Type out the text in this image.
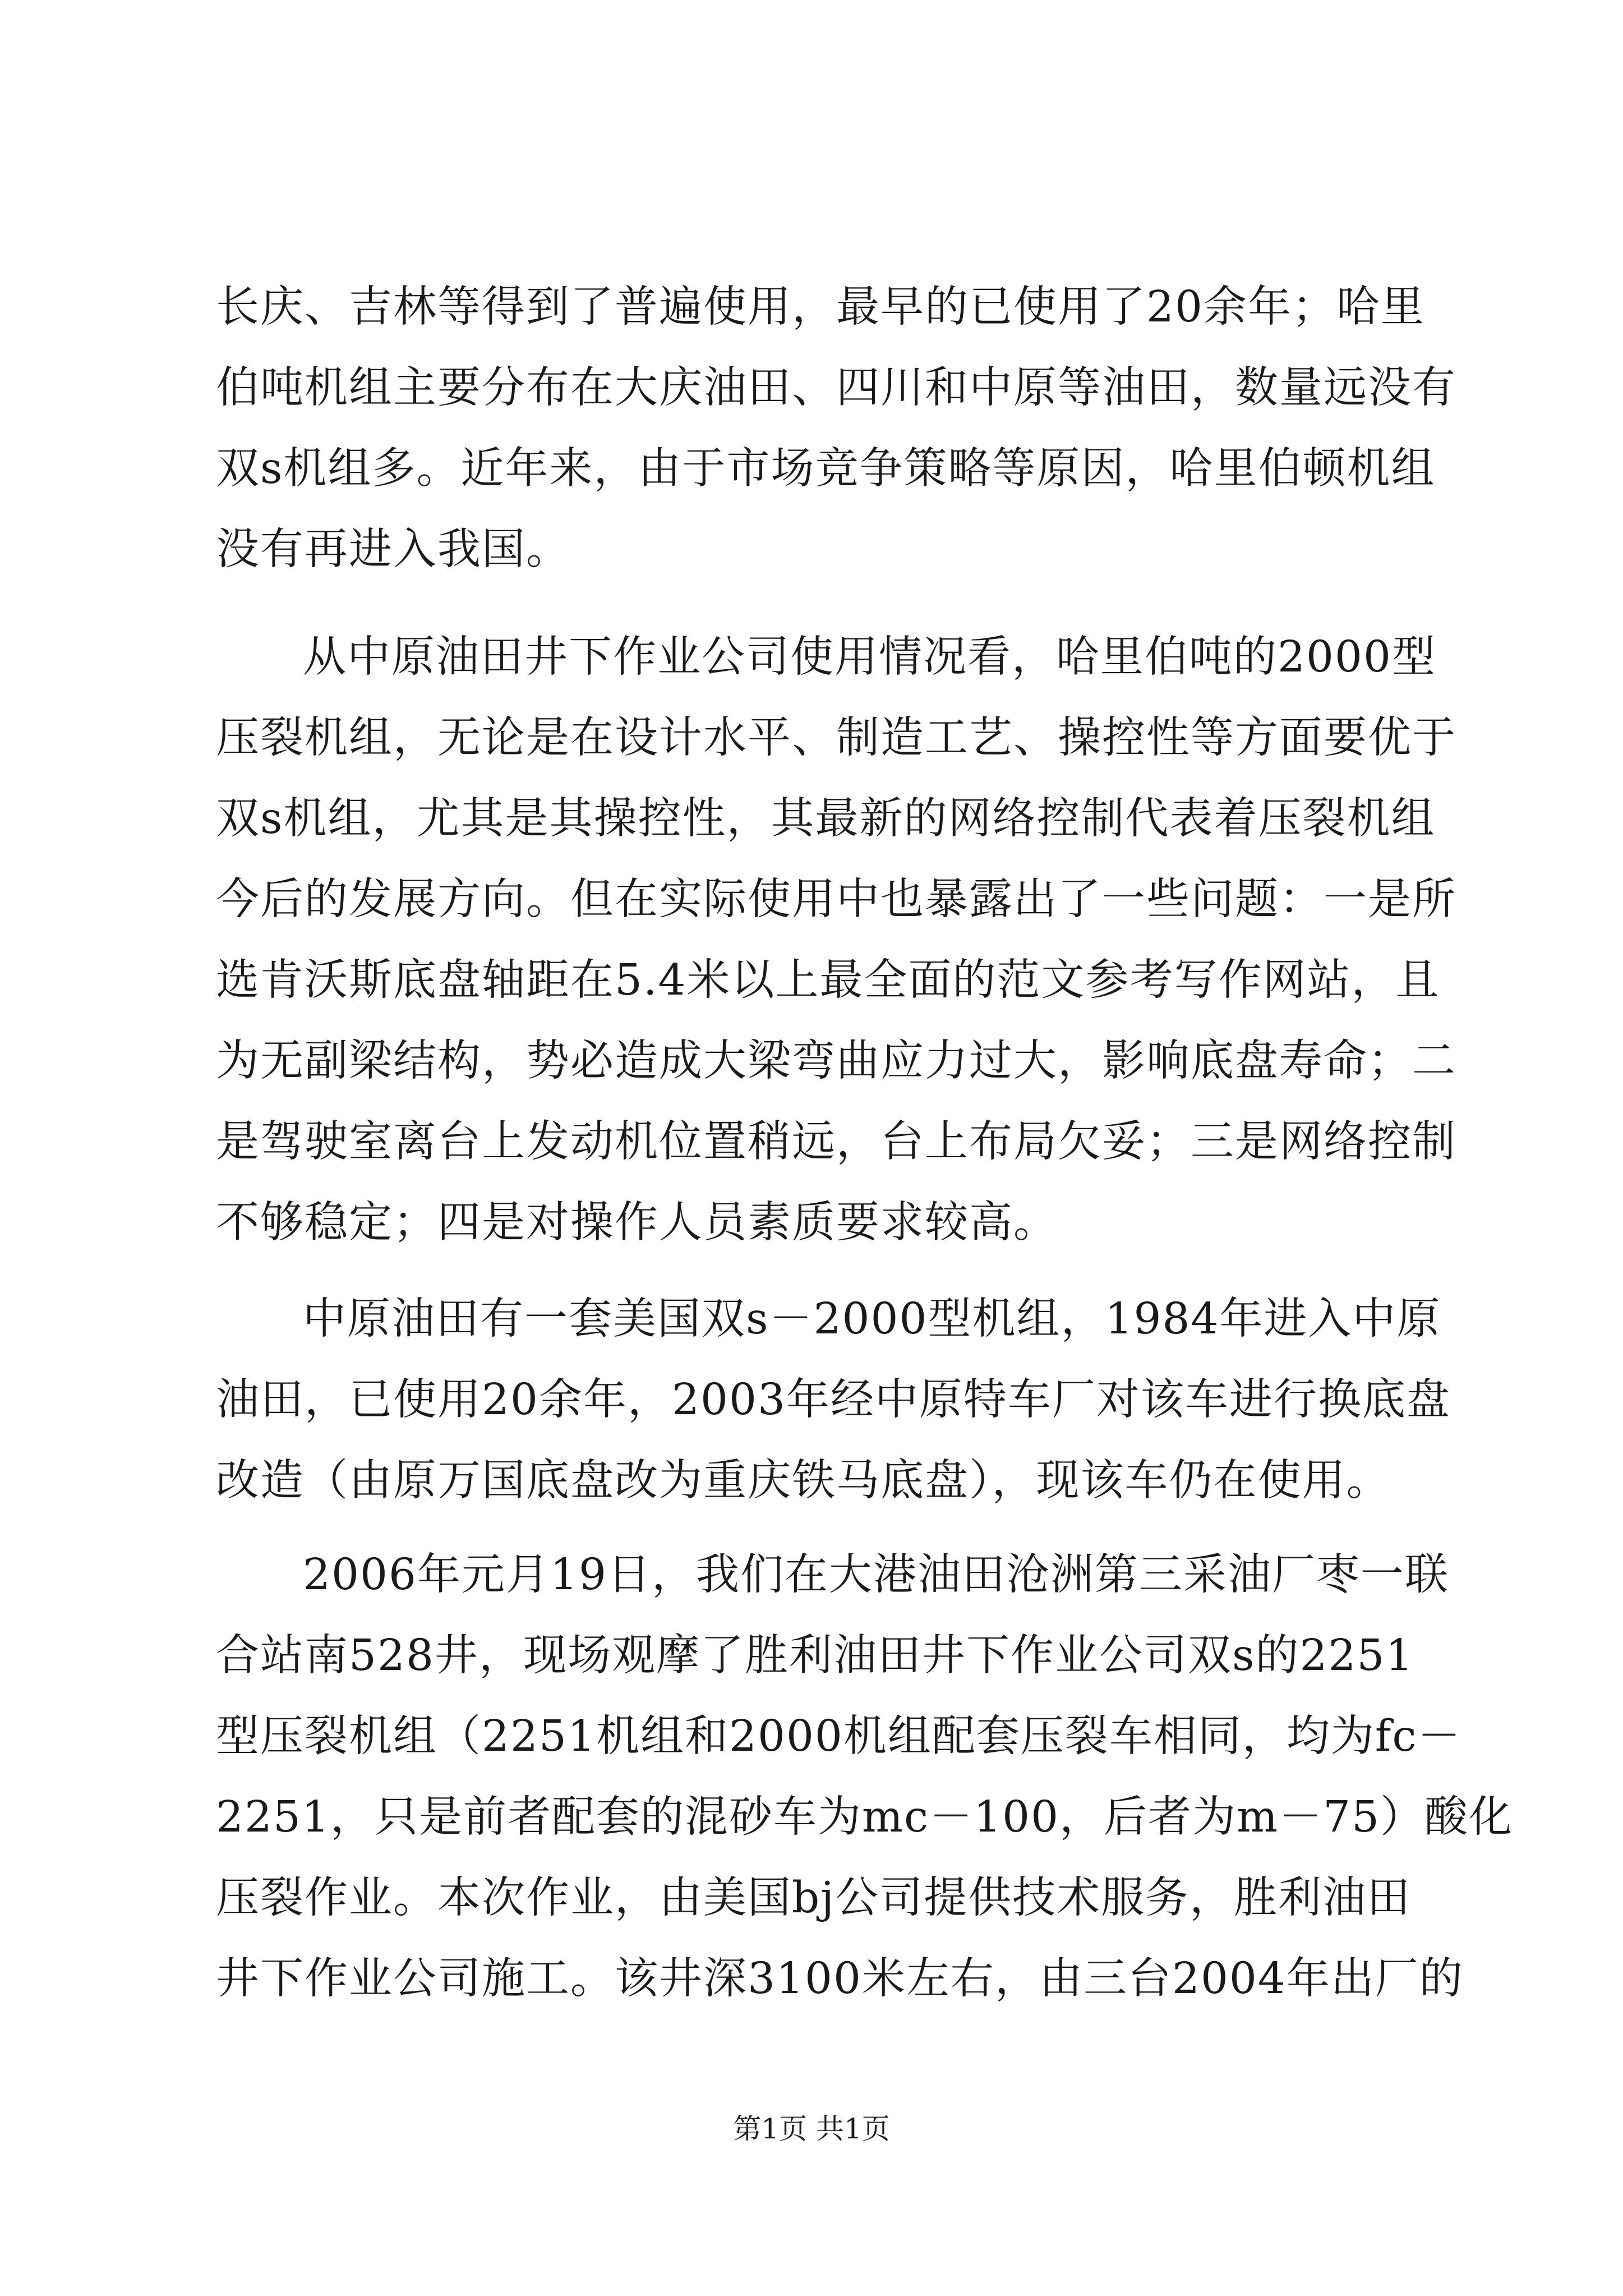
长庆、吉林等得到了普遍使用，最早的已使用了20余年；哈里
伯吨机组主要分布在大庆油田、四川和中原等油田，数量远没有
双s机组多。近年来，由于市场竞争策略等原因，哈里伯顿机组
没有再进入我国。
从中原油田井下作业公司使用情况看，哈里伯吨的2000型
压裂机组，无论是在设计水平、制造工艺、操控性等方面要优于
双s机组，尤其是其操控性，其最新的网络控制代表着压裂机组
今后的发展方向。但在实际使用中也暴露出了一些问题：一是所
选肯沃斯底盘轴距在5.4米以上最全面的范文参考写作网站，且
为无副梁结构，势必造成大梁弯曲应力过大，影响底盘寿命；二
是驾驶室离台上发动机位置稍远，台上布局欠妥；三是网络控制
不够稳定；四是对操作人员素质要求较高。
中原油田有一套美国双s－2000型机组，1984年进入中原
油田，已使用20余年，2003年经中原特车厂对该车进行换底盘
改造（由原万国底盘改为重庆铁马底盘），现该车仍在使用。
2006年元月19日，我们在大港油田沧洲第三采油厂枣一联
合站南528井，现场观摩了胜利油田井下作业公司双s的2251
型压裂机组（2251机组和2000机组配套压裂车相同，均为fc－
2251，只是前者配套的混砂车为mc－100，后者为m－75）酸化
压裂作业。本次作业，由美国bj公司提供技术服务，胜利油田
井下作业公司施工。该井深3100米左右，由三台2004年出厂的
第1页 共1页
